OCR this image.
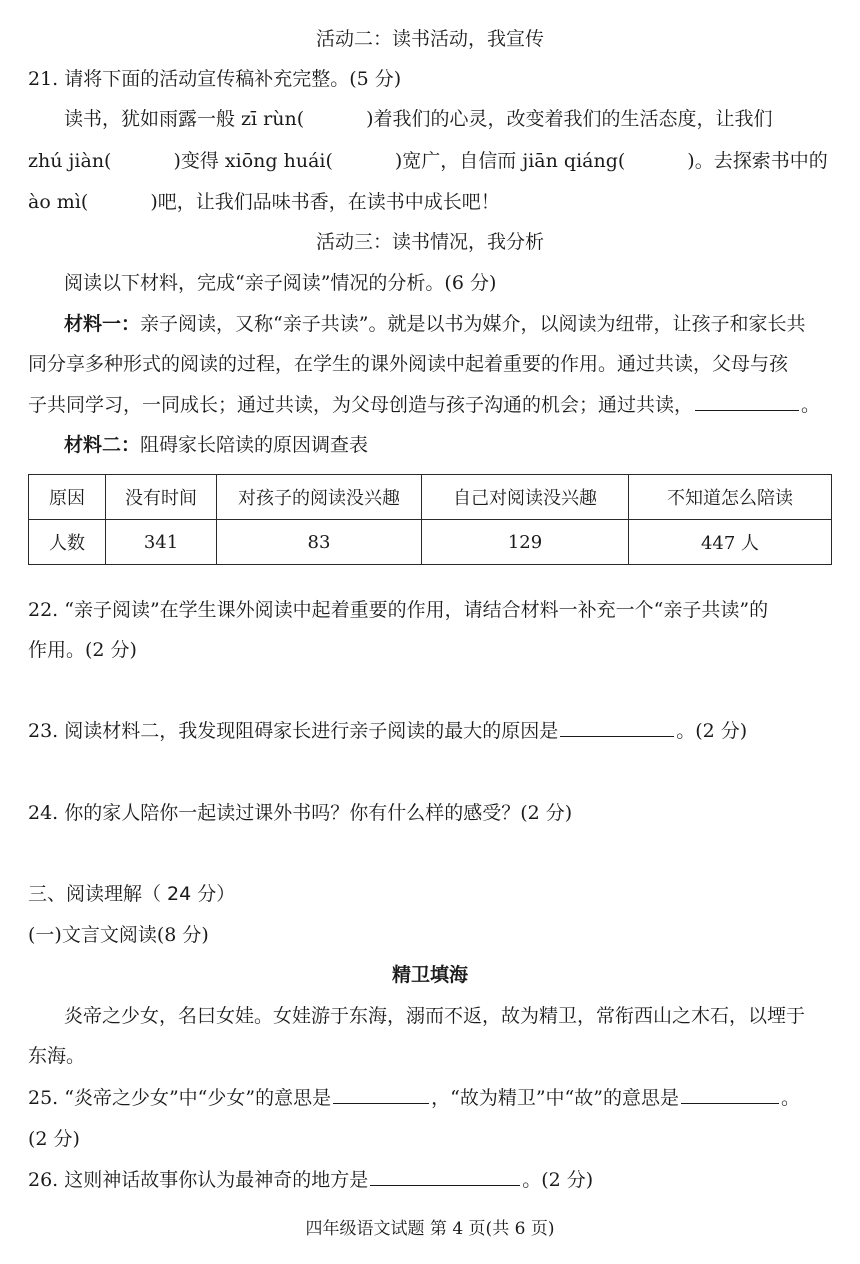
活动二：读书活动，我宣传
21. 请将下面的活动宣传稿补充完整。(5 分)
读书，犹如雨露一般 zī rùn(	)着我们的心灵，改变着我们的生活态度，让我们
zhú jiàn(	)变得 xiōng huái(	)宽广，自信而 jiān qiáng(	)。去探索书中的
ào mì(	)吧，让我们品味书香，在读书中成长吧！
活动三：读书情况，我分析
阅读以下材料，完成“亲子阅读”情况的分析。(6 分)
材料一：亲子阅读，又称“亲子共读”。就是以书为媒介，以阅读为纽带，让孩子和家长共
同分享多种形式的阅读的过程，在学生的课外阅读中起着重要的作用。通过共读，父母与孩
子共同学习，一同成长；通过共读，为父母创造与孩子沟通的机会；通过共读，	。
材料二：阻碍家长陪读的原因调查表
原因	没有时间	对孩子的阅读没兴趣	自己对阅读没兴趣	不知道怎么陪读
人数	341	83	129	447 人
22. “亲子阅读”在学生课外阅读中起着重要的作用，请结合材料一补充一个“亲子共读”的
作用。(2 分)
23. 阅读材料二，我发现阻碍家长进行亲子阅读的最大的原因是	。(2 分)
24. 你的家人陪你一起读过课外书吗？你有什么样的感受？(2 分)
三、阅读理解（ 24 分）
(一)文言文阅读(8 分)
精卫填海
炎帝之少女，名曰女娃。女娃游于东海，溺而不返，故为精卫，常衔西山之木石，以堙于
东海。
25. “炎帝之少女”中“少女”的意思是	，“故为精卫”中“故”的意思是	。
(2 分)
26. 这则神话故事你认为最神奇的地方是	。(2 分)
四年级语文试题 第 4 页(共 6 页)
